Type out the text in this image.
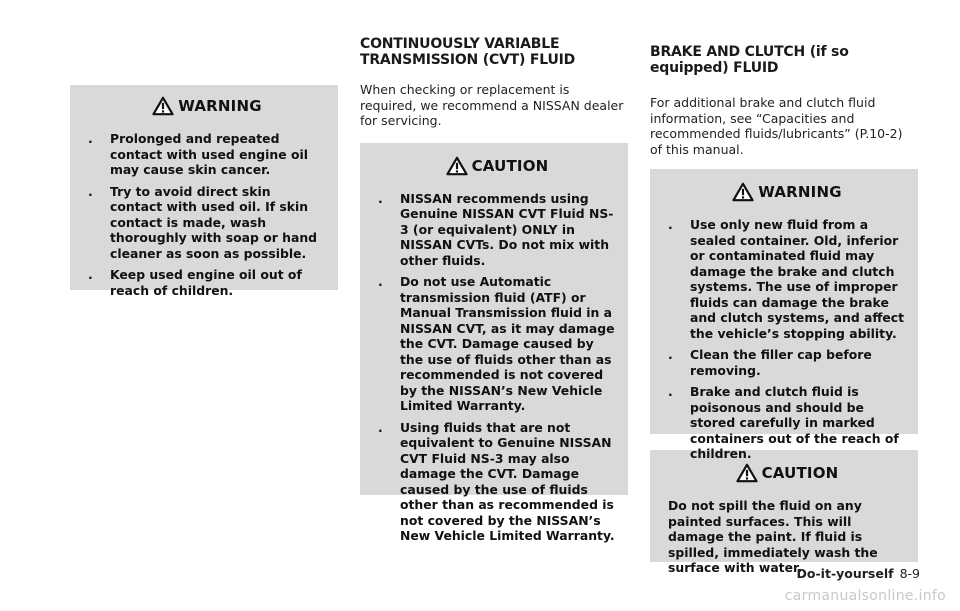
WARNING
. Prolonged and repeated contact with used engine oil may cause skin cancer.
. Try to avoid direct skin contact with used oil. If skin contact is made, wash thoroughly with soap or hand cleaner as soon as possible.
. Keep used engine oil out of reach of children.
CONTINUOUSLY VARIABLE TRANSMISSION (CVT) FLUID

When checking or replacement is required, we recommend a NISSAN dealer for servicing.

CAUTION
. NISSAN recommends using Genuine NISSAN CVT Fluid NS-3 (or equivalent) ONLY in NISSAN CVTs. Do not mix with other fluids.
. Do not use Automatic transmission fluid (ATF) or Manual Transmission fluid in a NISSAN CVT, as it may damage the CVT. Damage caused by the use of fluids other than as recommended is not covered by the NISSAN’s New Vehicle Limited Warranty.
. Using fluids that are not equivalent to Genuine NISSAN CVT Fluid NS-3 may also damage the CVT. Damage caused by the use of fluids other than as recommended is not covered by the NISSAN’s New Vehicle Limited Warranty.
BRAKE AND CLUTCH (if so equipped) FLUID

For additional brake and clutch fluid information, see “Capacities and recommended fluids/lubricants” (P.10-2) of this manual.

WARNING
. Use only new fluid from a sealed container. Old, inferior or contaminated fluid may damage the brake and clutch systems. The use of improper fluids can damage the brake and clutch systems, and affect the vehicle’s stopping ability.
. Clean the filler cap before removing.
. Brake and clutch fluid is poisonous and should be stored carefully in marked containers out of the reach of children.
CAUTION

Do not spill the fluid on any painted surfaces. This will damage the paint. If fluid is spilled, immediately wash the surface with water.

Do-it-yourself 8-9
carmanualsonline.info
